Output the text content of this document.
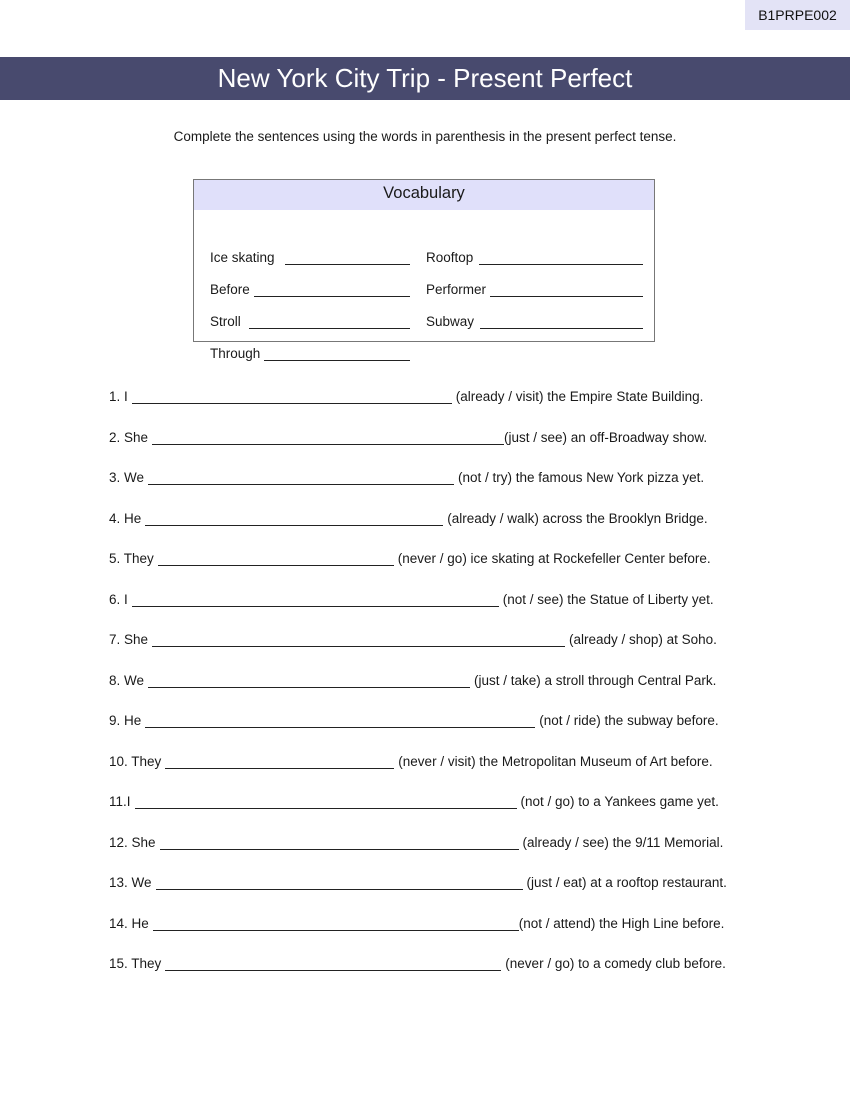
B1PRPE002
New York City Trip - Present Perfect
Complete the sentences using the words in parenthesis in the present perfect tense.
Vocabulary
Ice skating	Rooftop
Before	Performer
Stroll	Subway
Through
1. I	(already / visit) the Empire State Building.
2. She	(just / see) an off-Broadway show.
3. We	(not / try) the famous New York pizza yet.
4. He	(already / walk) across the Brooklyn Bridge.
5. They	(never / go) ice skating at Rockefeller Center before.
6. I	(not / see) the Statue of Liberty yet.
7. She	(already / shop) at Soho.
8. We	(just / take) a stroll through Central Park.
9. He	(not / ride) the subway before.
10. They	(never / visit) the Metropolitan Museum of Art before.
11.I	(not / go) to a Yankees game yet.
12. She	(already / see) the 9/11 Memorial.
13. We	(just / eat) at a rooftop restaurant.
14. He	(not / attend) the High Line before.
15. They	(never / go) to a comedy club before.
